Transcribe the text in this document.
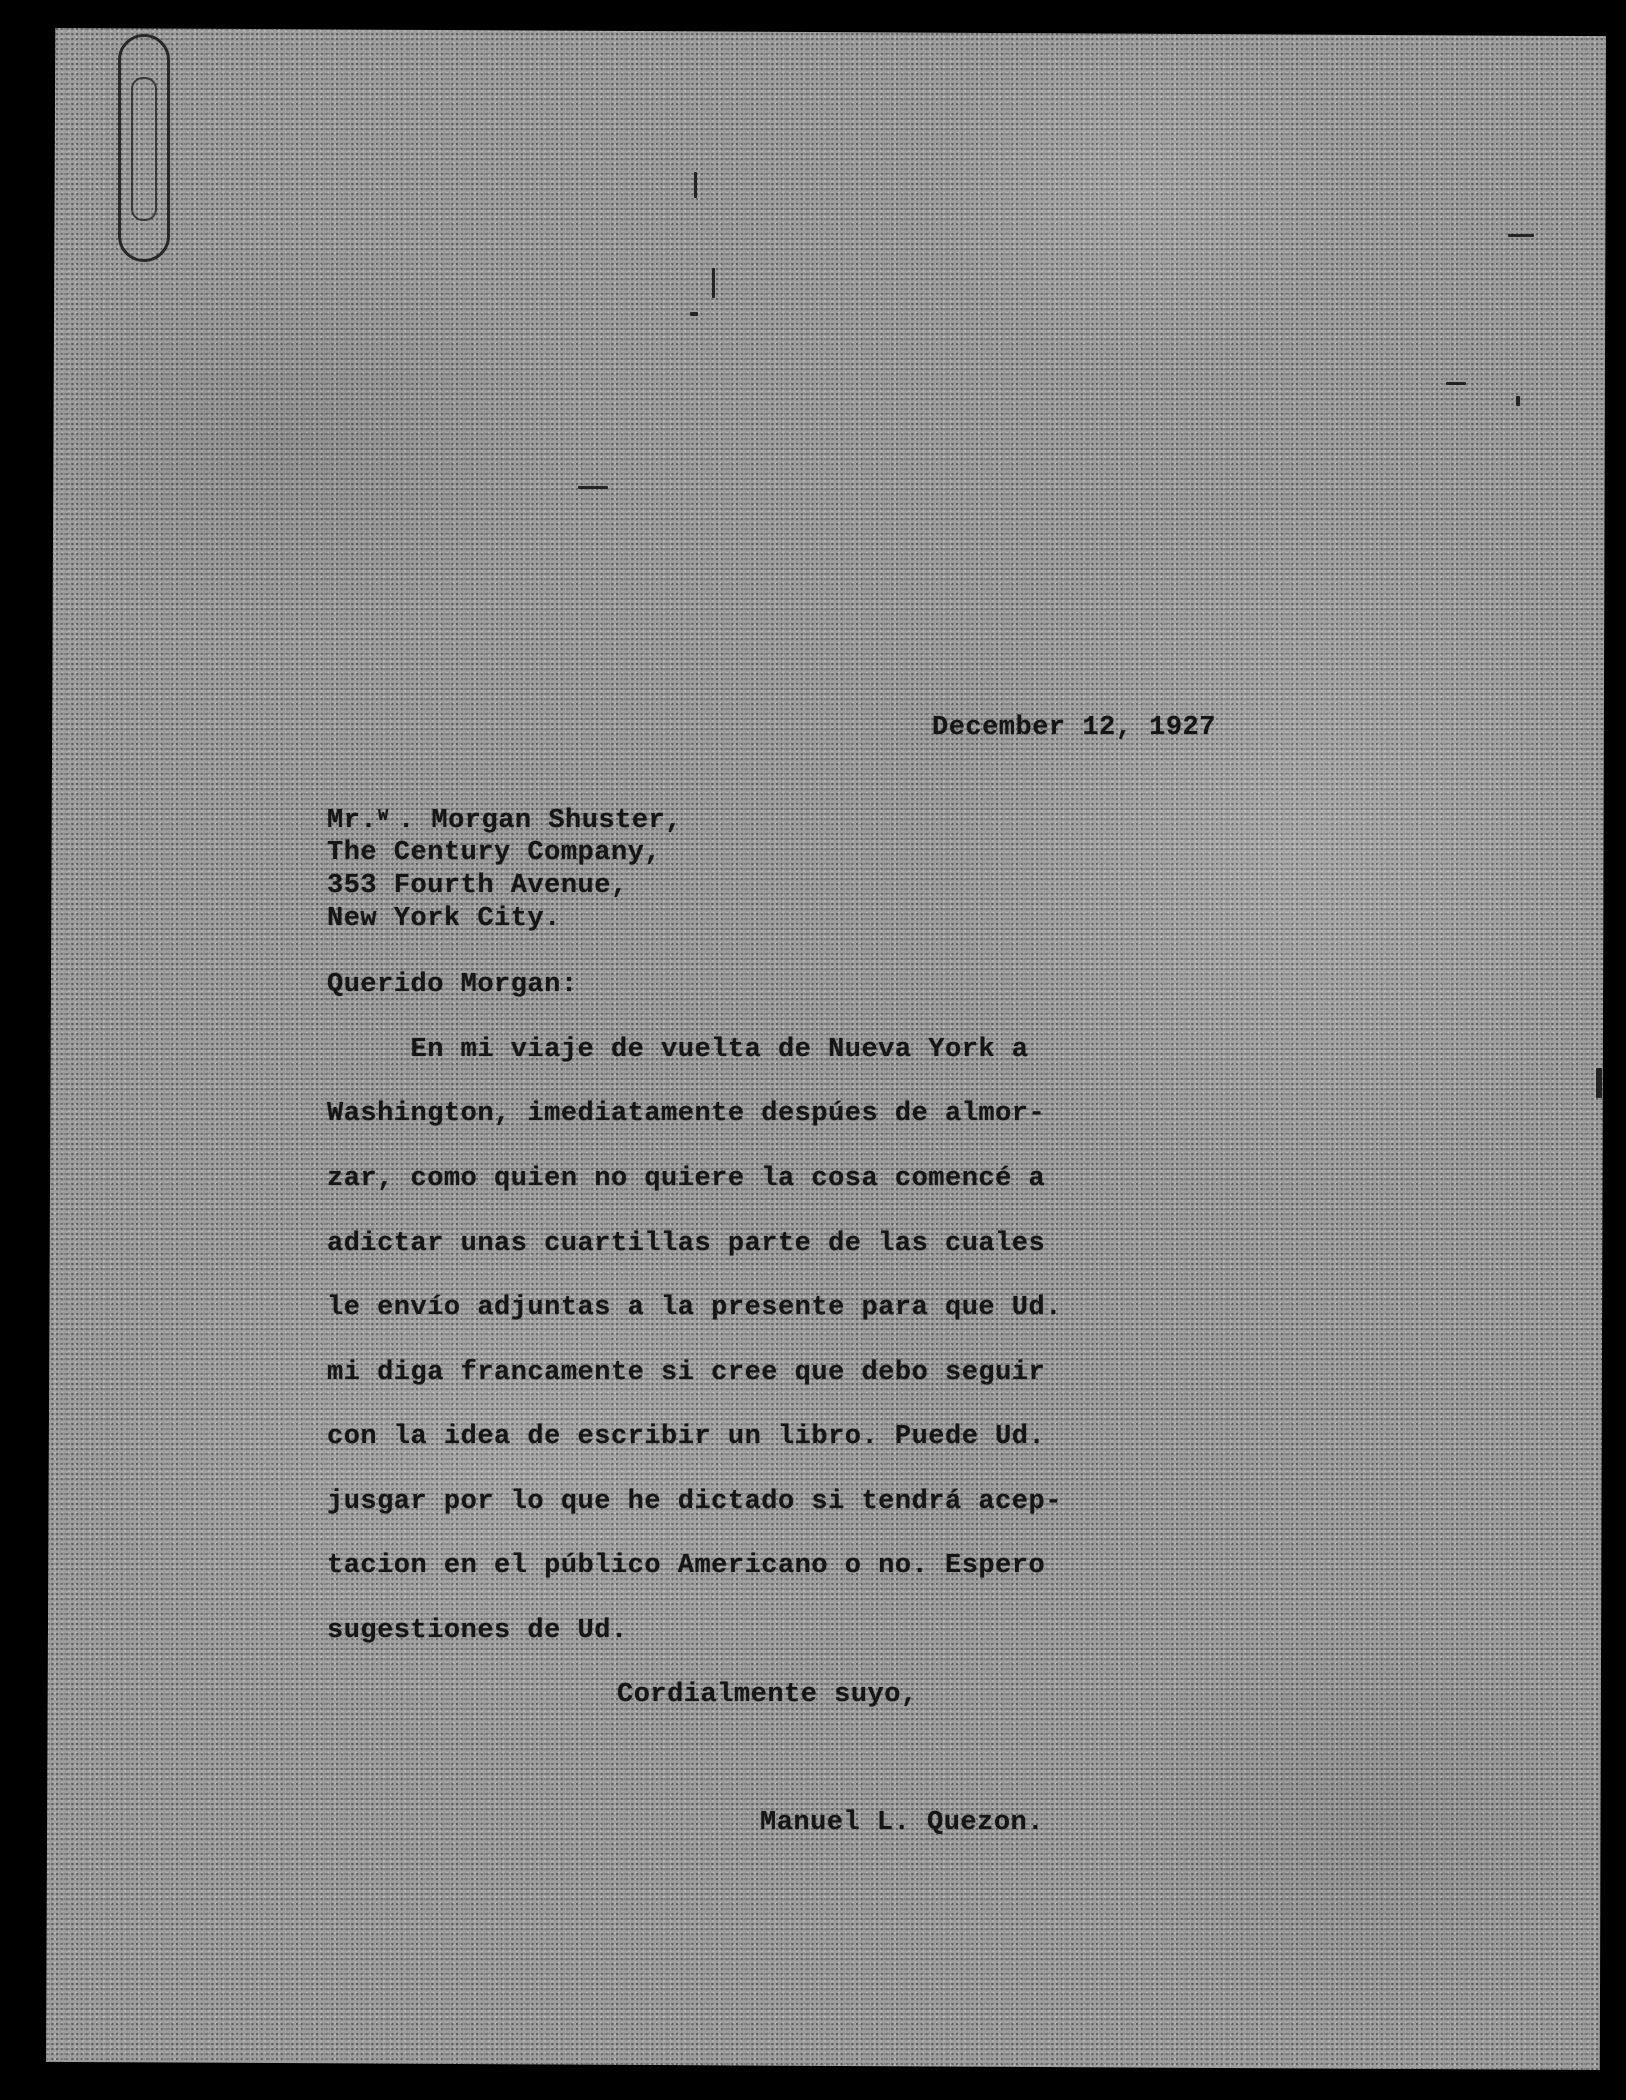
December 12, 1927
Mr. W . Morgan Shuster,
The Century Company,
353 Fourth Avenue,
New York City.
Querido Morgan:
En mi viaje de vuelta de Nueva York a
Washington, imediatamente despúes de almor-
zar, como quien no quiere la cosa comencé a
adictar unas cuartillas parte de las cuales
le envío adjuntas a la presente para que Ud.
mi diga francamente si cree que debo seguir
con la idea de escribir un libro. Puede Ud.
jusgar por lo que he dictado si tendrá acep-
tacion en el público Americano o no. Espero
sugestiones de Ud.
Cordialmente suyo,
Manuel L. Quezon.
